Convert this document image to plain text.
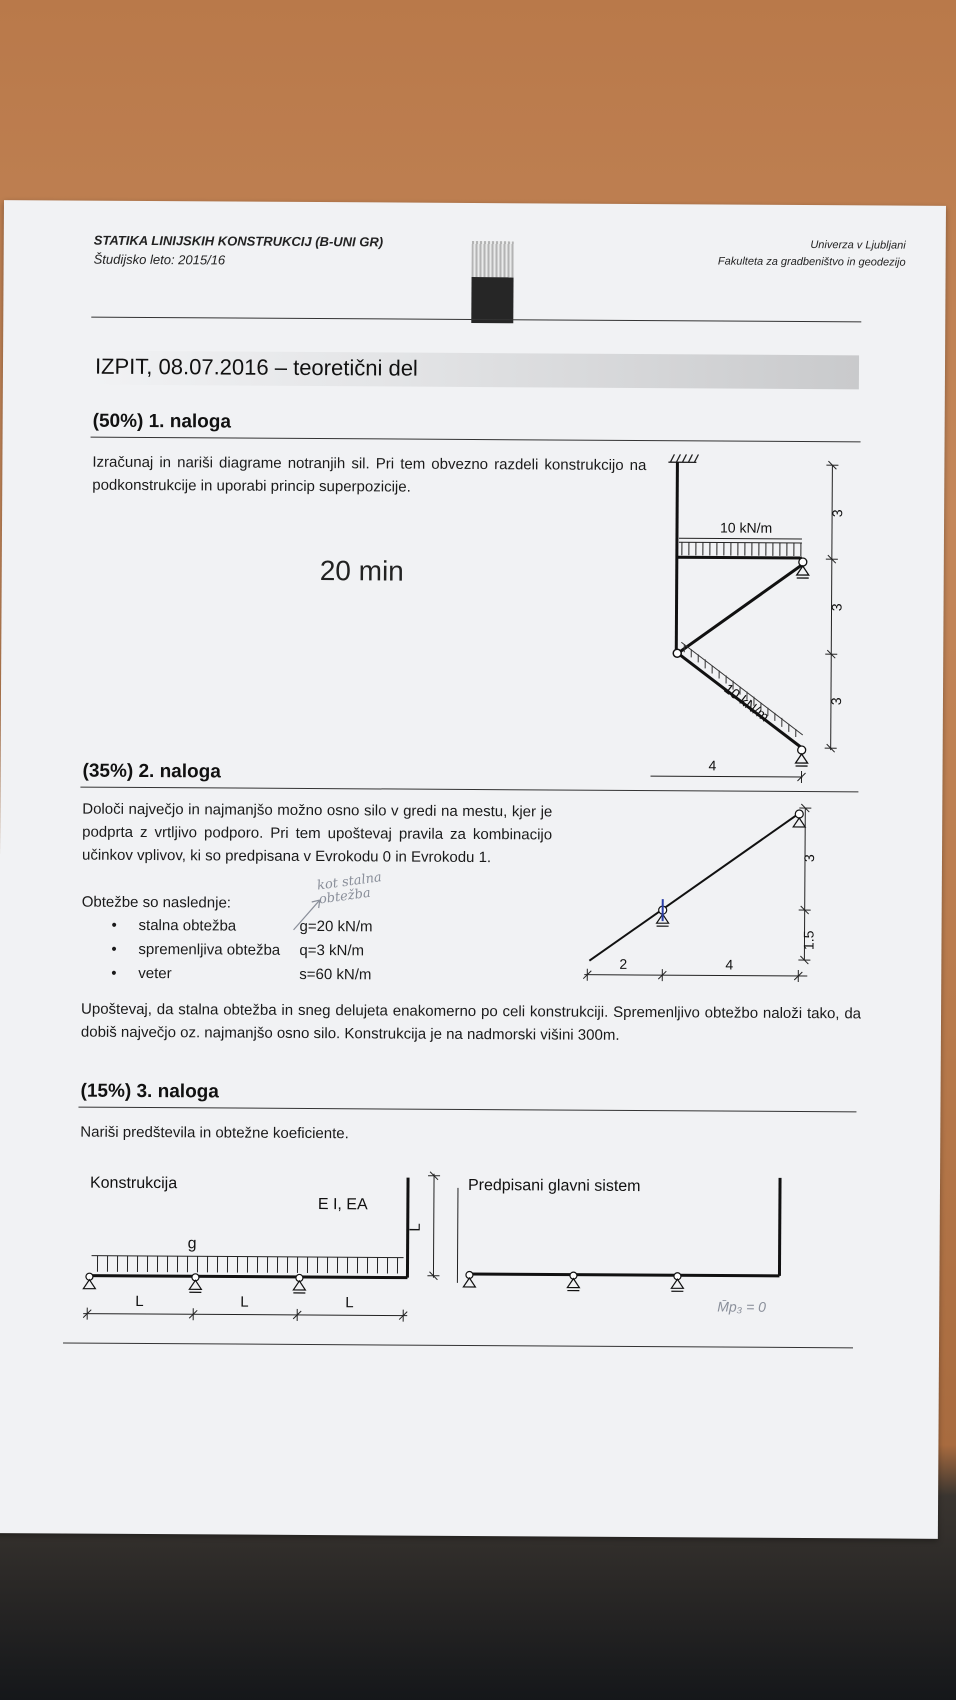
STATIKA LINIJSKIH KONSTRUKCIJ (B-UNI GR)
Študijsko leto: 2015/16
Univerza v Ljubljani
Fakulteta za gradbeništvo in geodezijo
IZPIT, 08.07.2016 – teoretični del
(50%) 1. naloga
Izračunaj in nariši diagrame notranjih sil. Pri tem obvezno razdeli konstrukcijo na podkonstrukcije in uporabi princip superpozicije.
20 min
10 kN/m
10 kN/m
3
3
3
4
(35%) 2. naloga
Določi največjo in najmanjšo možno osno silo v gredi na mestu, kjer je podprta z vrtljivo podporo. Pri tem upoštevaj pravila za kombinacijo učinkov vplivov, ki so predpisana v Evrokodu 0 in Evrokodu 1.
Obtežbe so naslednje:
• stalna obtežba	g=20 kN/m
• spremenljiva obtežba q=3 kN/m
• veter	s=60 kN/m
kot stalna obtežba
3
1.5
2	4
Upoštevaj, da stalna obtežba in sneg delujeta enakomerno po celi konstrukciji. Spremenljivo obtežbo naloži tako, da dobiš največjo oz. najmanjšo osno silo. Konstrukcija je na nadmorski višini 300m.
(15%) 3. naloga
Nariši predštevila in obtežne koeficiente.
Konstrukcija
E I, EA
g
L	L	L
L
Predpisani glavni sistem
M̄p₃ = 0
